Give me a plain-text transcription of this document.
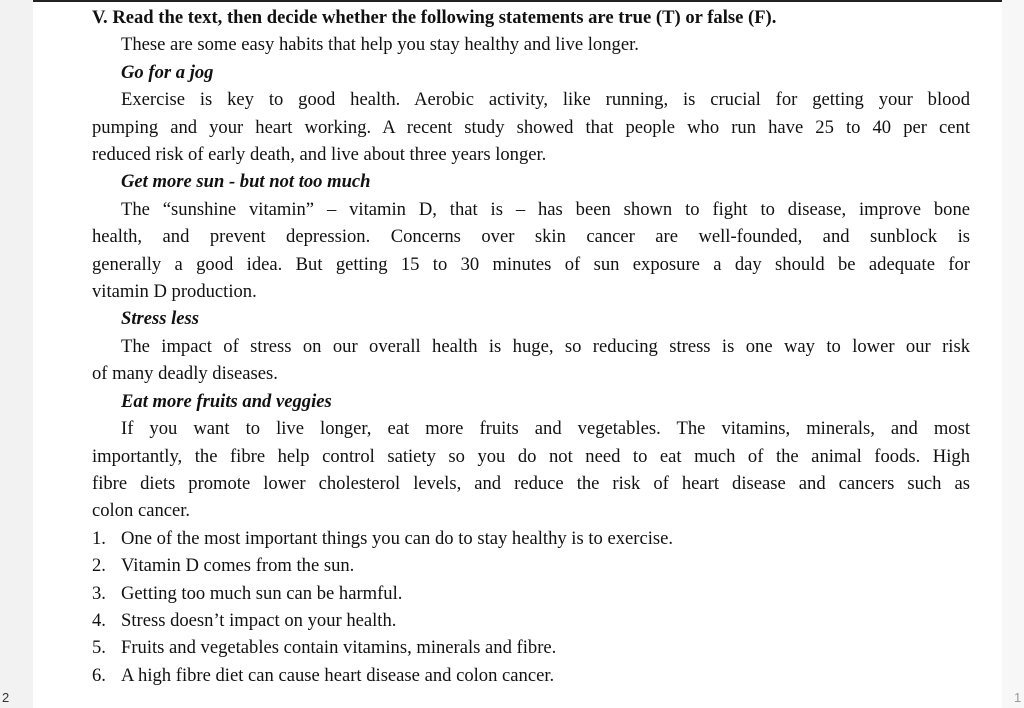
V. Read the text, then decide whether the following statements are true (T) or false (F).
These are some easy habits that help you stay healthy and live longer.
Go for a jog
Exercise is key to good health. Aerobic activity, like running, is crucial for getting your blood
pumping and your heart working. A recent study showed that people who run have 25 to 40 per cent
reduced risk of early death, and live about three years longer.
Get more sun - but not too much
The “sunshine vitamin” – vitamin D, that is – has been shown to fight to disease, improve bone
health, and prevent depression. Concerns over skin cancer are well-founded, and sunblock is
generally a good idea. But getting 15 to 30 minutes of sun exposure a day should be adequate for
vitamin D production.
Stress less
The impact of stress on our overall health is huge, so reducing stress is one way to lower our risk
of many deadly diseases.
Eat more fruits and veggies
If you want to live longer, eat more fruits and vegetables. The vitamins, minerals, and most
importantly, the fibre help control satiety so you do not need to eat much of the animal foods. High
fibre diets promote lower cholesterol levels, and reduce the risk of heart disease and cancers such as
colon cancer.
1. One of the most important things you can do to stay healthy is to exercise.
2. Vitamin D comes from the sun.
3. Getting too much sun can be harmful.
4. Stress doesn’t impact on your health.
5. Fruits and vegetables contain vitamins, minerals and fibre.
6. A high fibre diet can cause heart disease and colon cancer.
2	1
